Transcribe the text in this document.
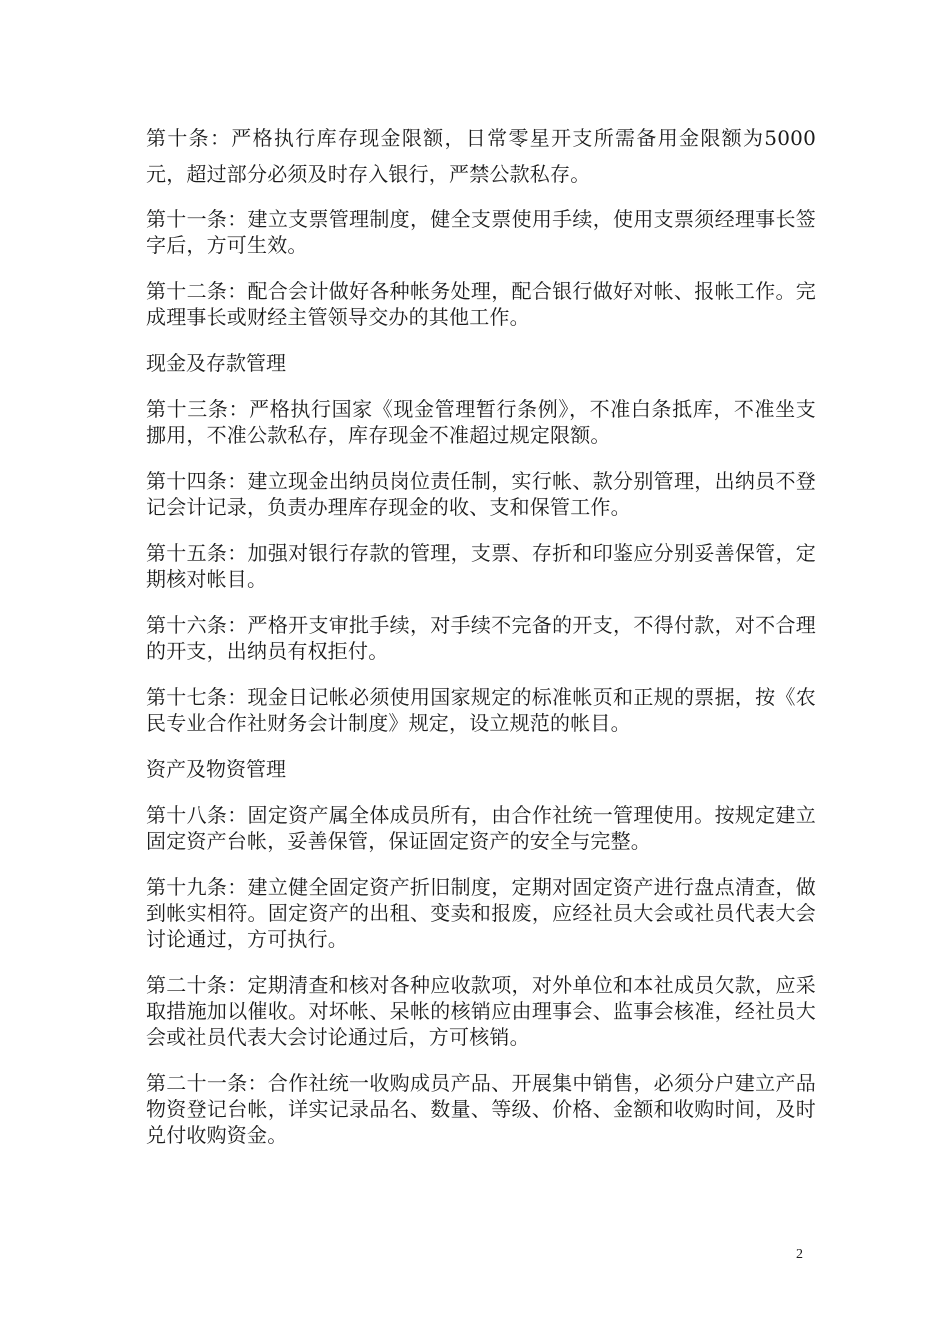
第十条：严格执行库存现金限额，日常零星开支所需备用金限额为5000元，超过部分必须及时存入银行，严禁公款私存。

第十一条：建立支票管理制度，健全支票使用手续，使用支票须经理事长签字后，方可生效。

第十二条：配合会计做好各种帐务处理，配合银行做好对帐、报帐工作。完成理事长或财经主管领导交办的其他工作。

现金及存款管理

第十三条：严格执行国家《现金管理暂行条例》，不准白条抵库，不准坐支挪用，不准公款私存，库存现金不准超过规定限额。

第十四条：建立现金出纳员岗位责任制，实行帐、款分别管理，出纳员不登记会计记录，负责办理库存现金的收、支和保管工作。

第十五条：加强对银行存款的管理，支票、存折和印鉴应分别妥善保管，定期核对帐目。

第十六条：严格开支审批手续，对手续不完备的开支，不得付款，对不合理的开支，出纳员有权拒付。

第十七条：现金日记帐必须使用国家规定的标准帐页和正规的票据，按《农民专业合作社财务会计制度》规定，设立规范的帐目。

资产及物资管理

第十八条：固定资产属全体成员所有，由合作社统一管理使用。按规定建立固定资产台帐，妥善保管，保证固定资产的安全与完整。

第十九条：建立健全固定资产折旧制度，定期对固定资产进行盘点清查，做到帐实相符。固定资产的出租、变卖和报废，应经社员大会或社员代表大会讨论通过，方可执行。

第二十条：定期清查和核对各种应收款项，对外单位和本社成员欠款，应采取措施加以催收。对坏帐、呆帐的核销应由理事会、监事会核准，经社员大会或社员代表大会讨论通过后，方可核销。

第二十一条：合作社统一收购成员产品、开展集中销售，必须分户建立产品物资登记台帐，详实记录品名、数量、等级、价格、金额和收购时间，及时兑付收购资金。

2
